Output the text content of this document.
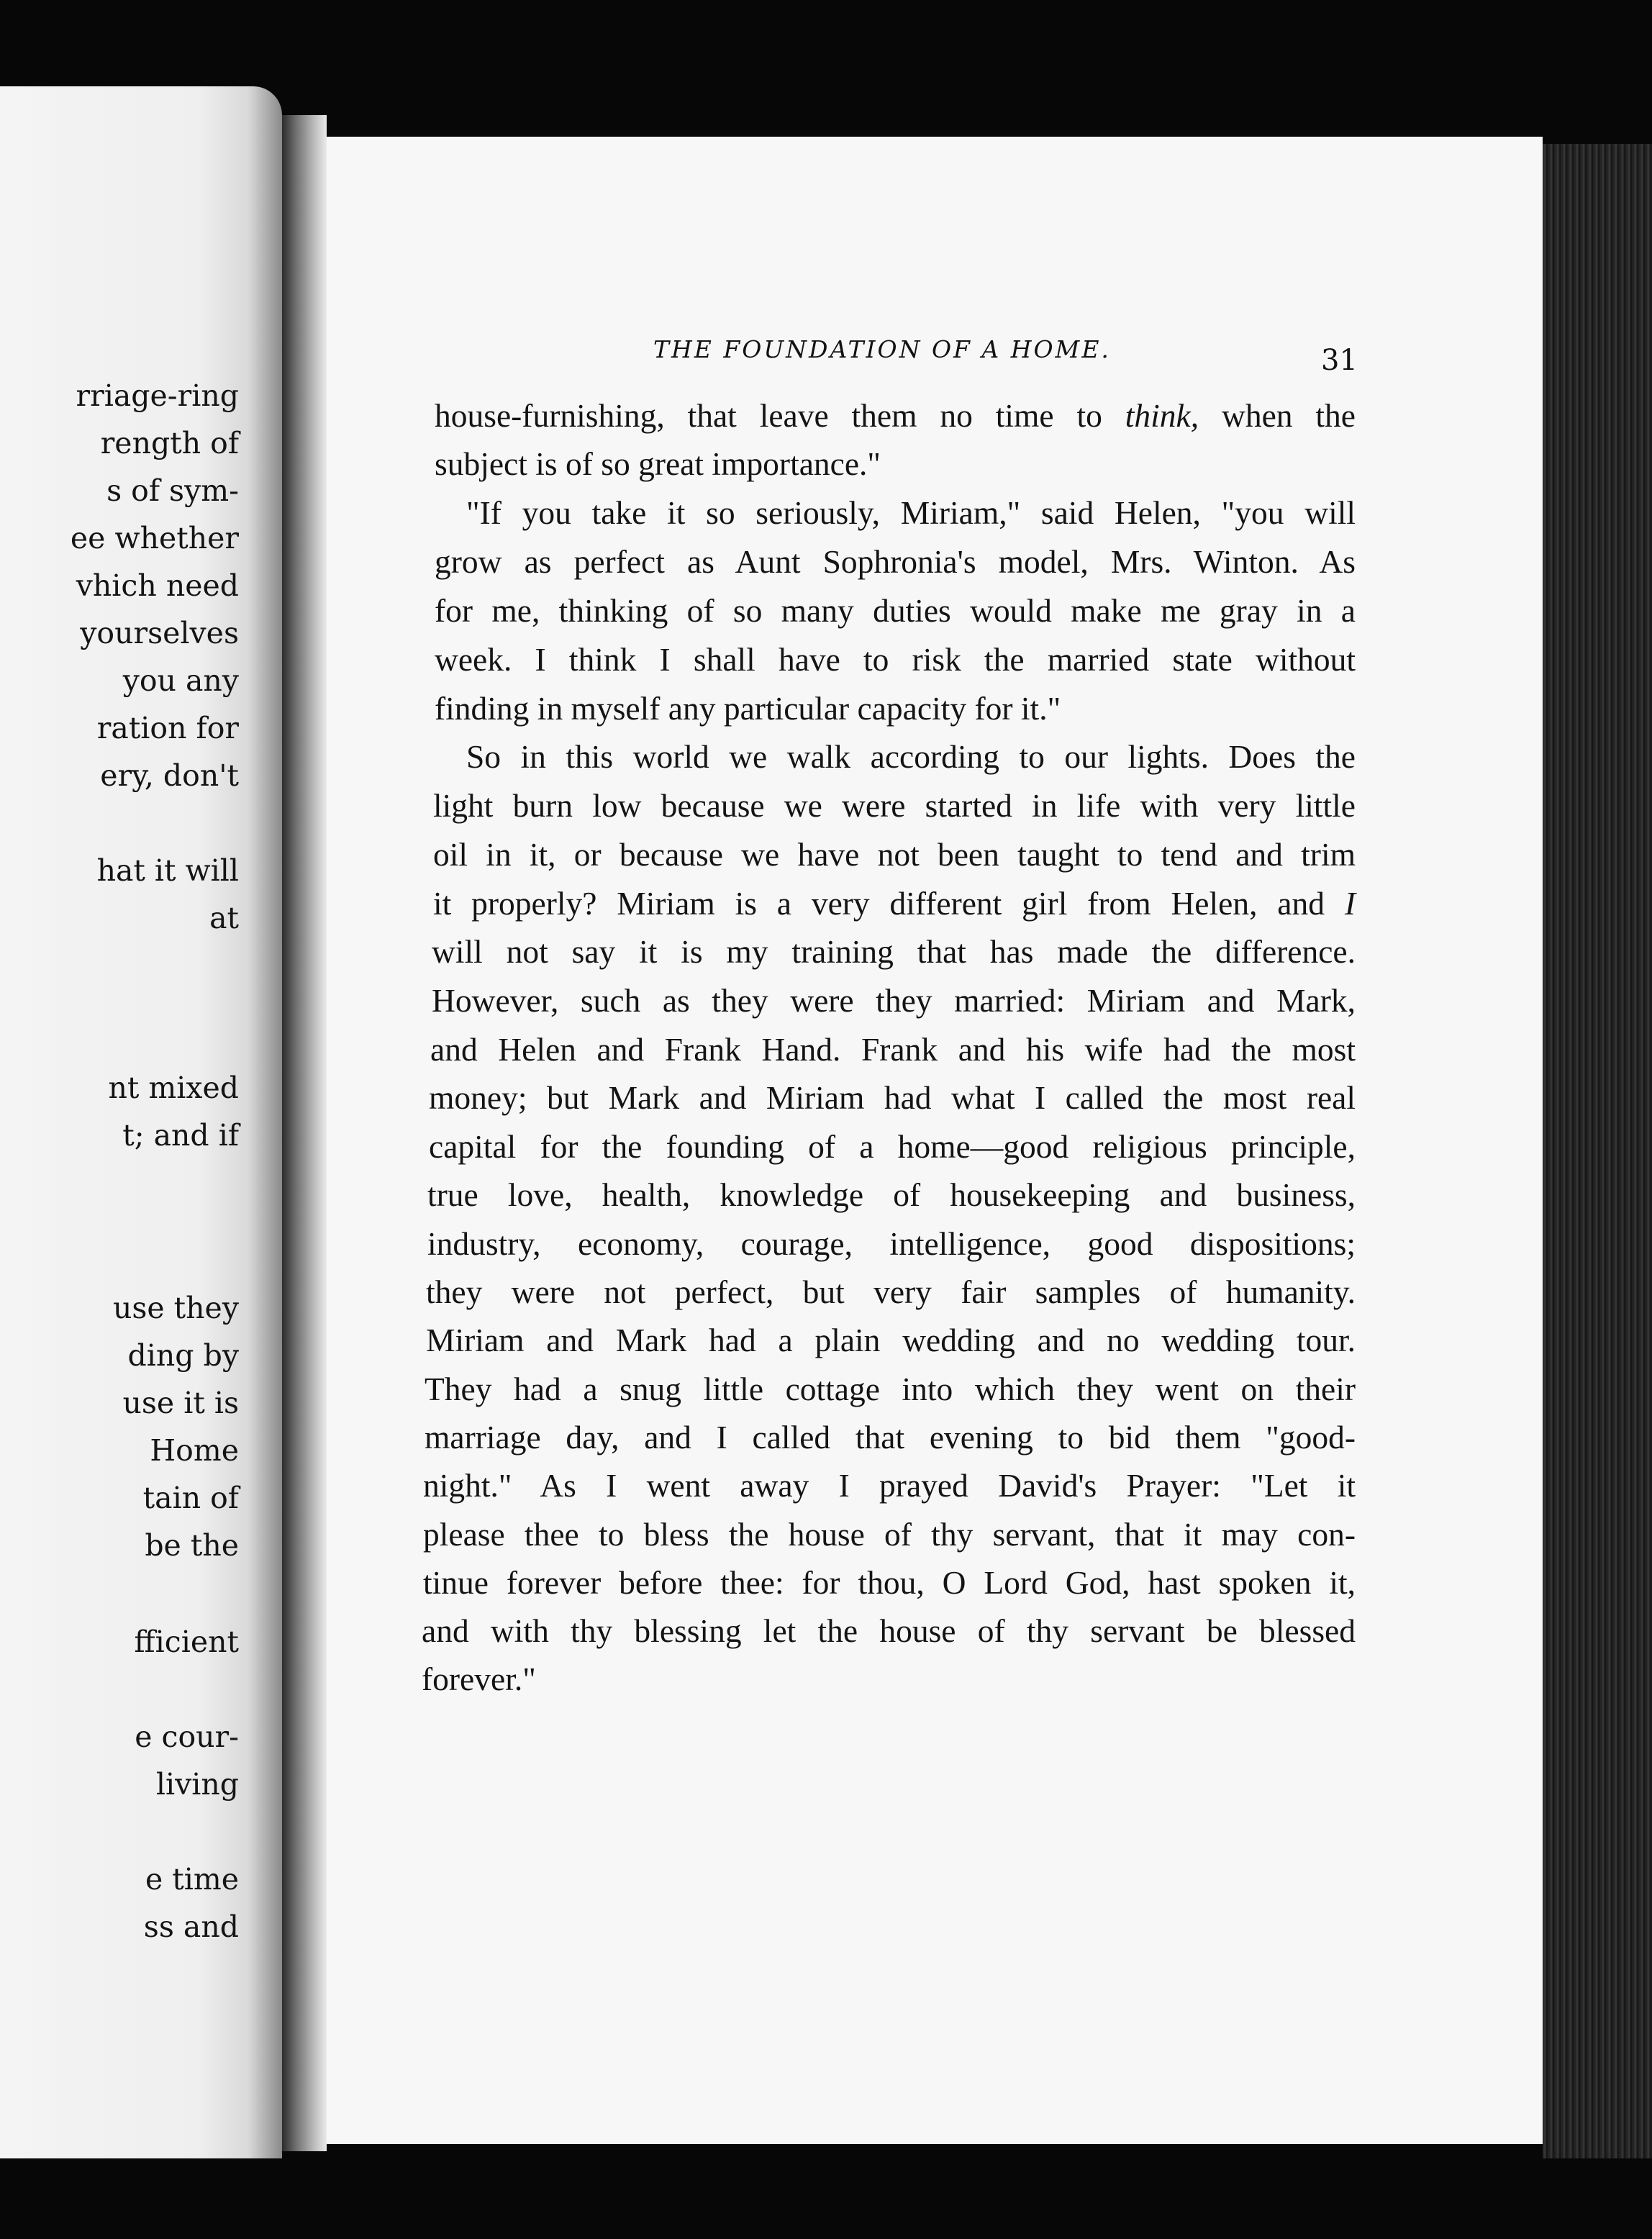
rriage-ring
rength of
s of sym-
ee whether
vhich need
yourselves
you any
ration for
ery, don't
hat it will
at
nt mixed
t; and if
use they
ding by
use it is
Home
tain of
be the
fficient
e cour-
living
e time
ss and
THE FOUNDATION OF A HOME.	31
house-furnishing, that leave them no time to think, when the
subject is of so great importance."
"If you take it so seriously, Miriam," said Helen, "you will
grow as perfect as Aunt Sophronia's model, Mrs. Winton. As
for me, thinking of so many duties would make me gray in a
week. I think I shall have to risk the married state without
finding in myself any particular capacity for it."
So in this world we walk according to our lights. Does the
light burn low because we were started in life with very little
oil in it, or because we have not been taught to tend and trim
it properly? Miriam is a very different girl from Helen, and I
will not say it is my training that has made the difference.
However, such as they were they married: Miriam and Mark,
and Helen and Frank Hand. Frank and his wife had the most
money; but Mark and Miriam had what I called the most real
capital for the founding of a home—good religious principle,
true love, health, knowledge of housekeeping and business,
industry, economy, courage, intelligence, good dispositions;
they were not perfect, but very fair samples of humanity.
Miriam and Mark had a plain wedding and no wedding tour.
They had a snug little cottage into which they went on their
marriage day, and I called that evening to bid them "good-
night." As I went away I prayed David's Prayer: "Let it
please thee to bless the house of thy servant, that it may con-
tinue forever before thee: for thou, O Lord God, hast spoken it,
and with thy blessing let the house of thy servant be blessed
forever."
